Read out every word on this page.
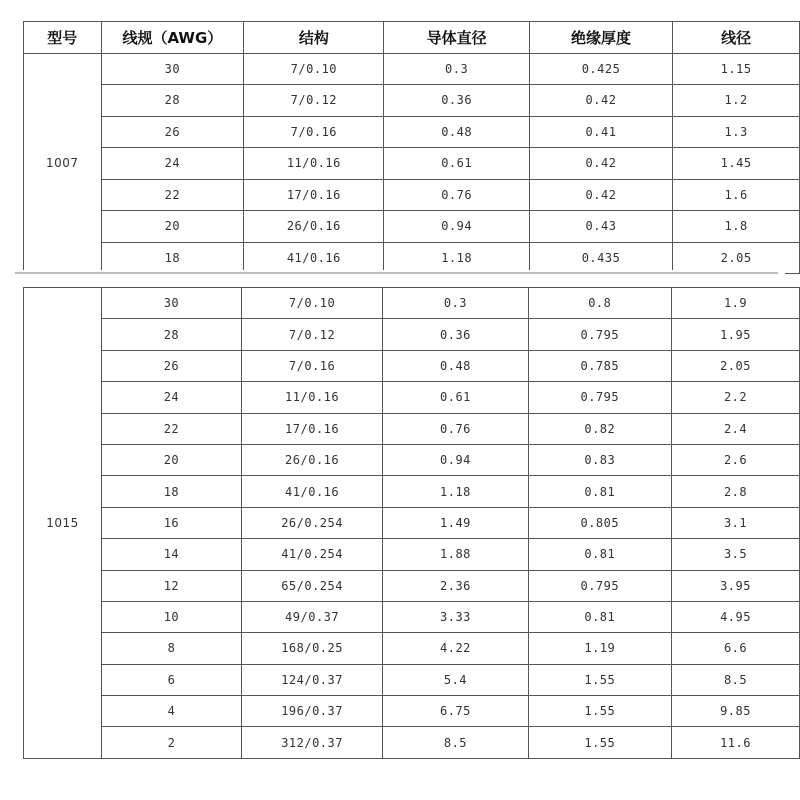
型号	线规（AWG）	结构	导体直径	绝缘厚度	线径
1007	30	7/0.10	0.3	0.425	1.15
	28	7/0.12	0.36	0.42	1.2
	26	7/0.16	0.48	0.41	1.3
	24	11/0.16	0.61	0.42	1.45
	22	17/0.16	0.76	0.42	1.6
	20	26/0.16	0.94	0.43	1.8
	18	41/0.16	1.18	0.435	2.05
1015	30	7/0.10	0.3	0.8	1.9
	28	7/0.12	0.36	0.795	1.95
	26	7/0.16	0.48	0.785	2.05
	24	11/0.16	0.61	0.795	2.2
	22	17/0.16	0.76	0.82	2.4
	20	26/0.16	0.94	0.83	2.6
	18	41/0.16	1.18	0.81	2.8
	16	26/0.254	1.49	0.805	3.1
	14	41/0.254	1.88	0.81	3.5
	12	65/0.254	2.36	0.795	3.95
	10	49/0.37	3.33	0.81	4.95
	8	168/0.25	4.22	1.19	6.6
	6	124/0.37	5.4	1.55	8.5
	4	196/0.37	6.75	1.55	9.85
	2	312/0.37	8.5	1.55	11.6
